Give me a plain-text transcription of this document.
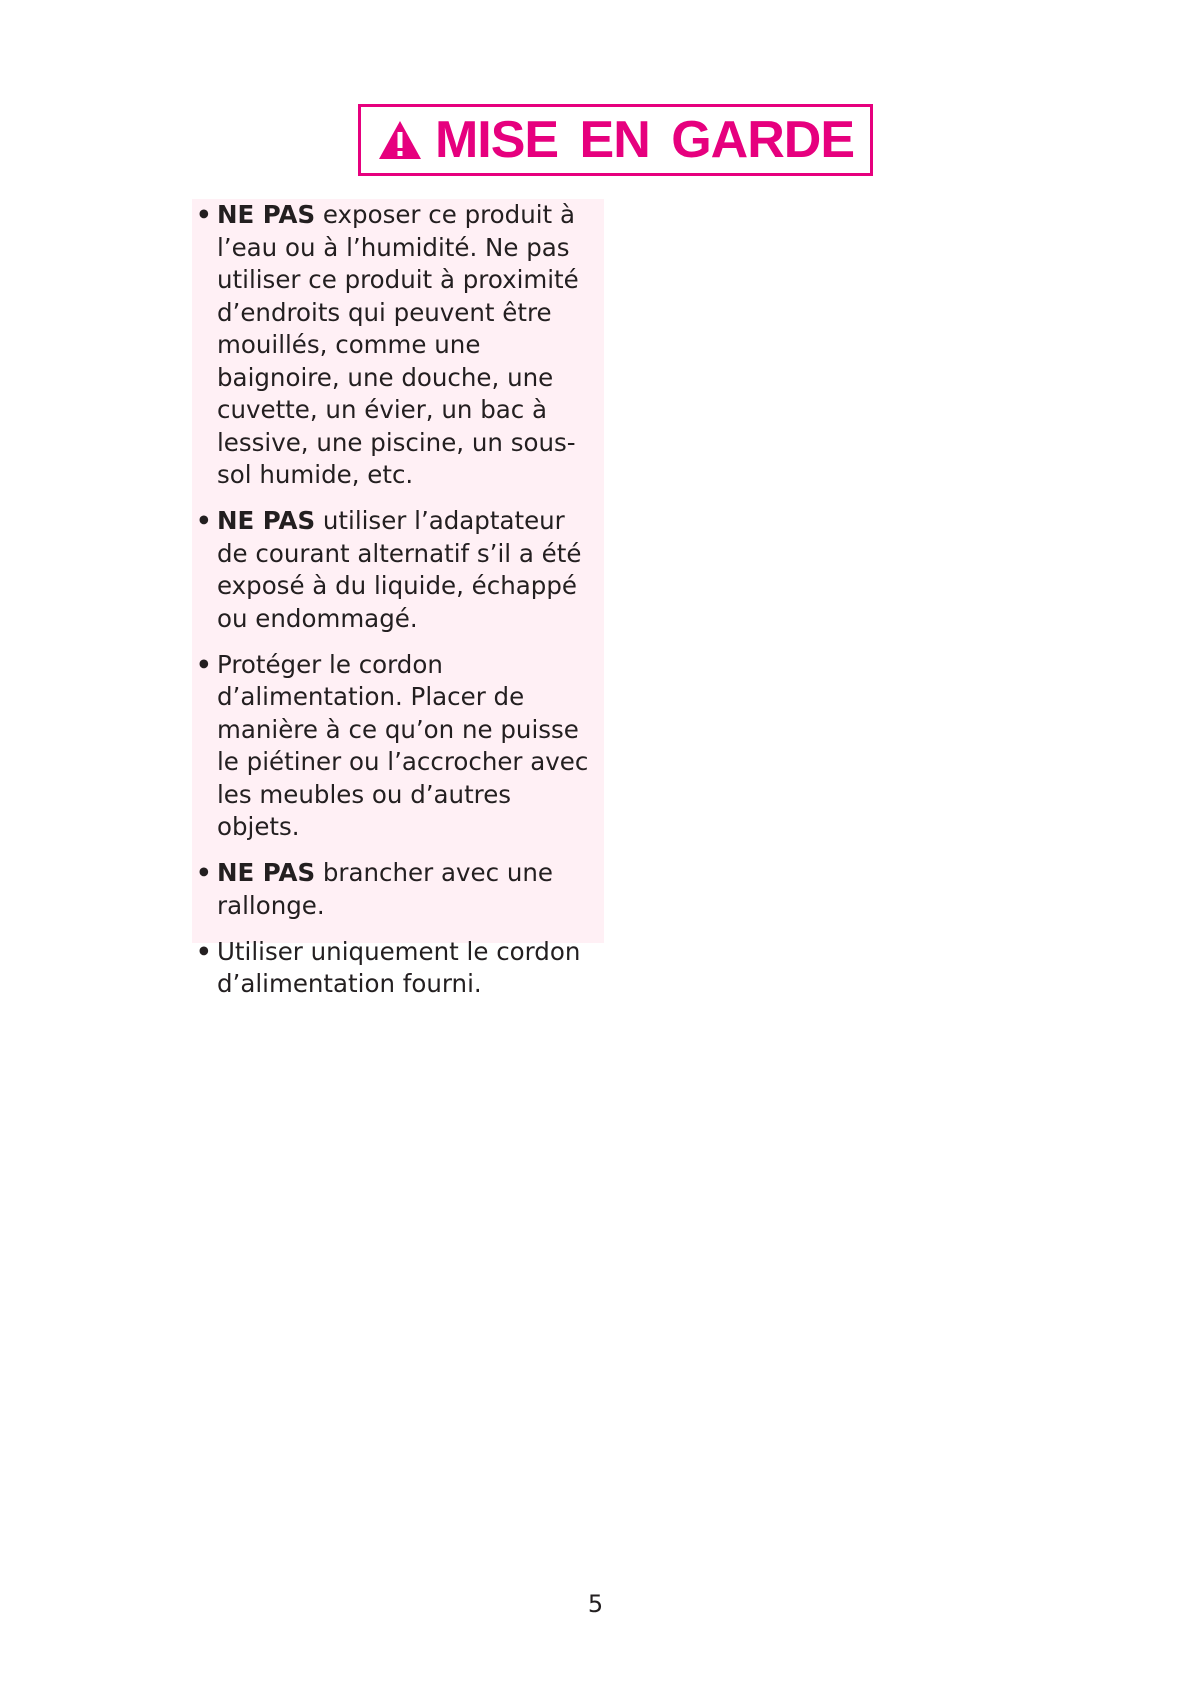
MISE EN GARDE
• NE PAS exposer ce produit à l’eau ou à l’humidité. Ne pas utiliser ce produit à proximité d’endroits qui peuvent être mouillés, comme une baignoire, une douche, une cuvette, un évier, un bac à lessive, une piscine, un sous-sol humide, etc.
• NE PAS utiliser l’adaptateur de courant alternatif s’il a été exposé à du liquide, échappé ou endommagé.
• Protéger le cordon d’alimentation. Placer de manière à ce qu’on ne puisse le piétiner ou l’accrocher avec les meubles ou d’autres objets.
• NE PAS brancher avec une rallonge.
• Utiliser uniquement le cordon d’alimentation fourni.
5
